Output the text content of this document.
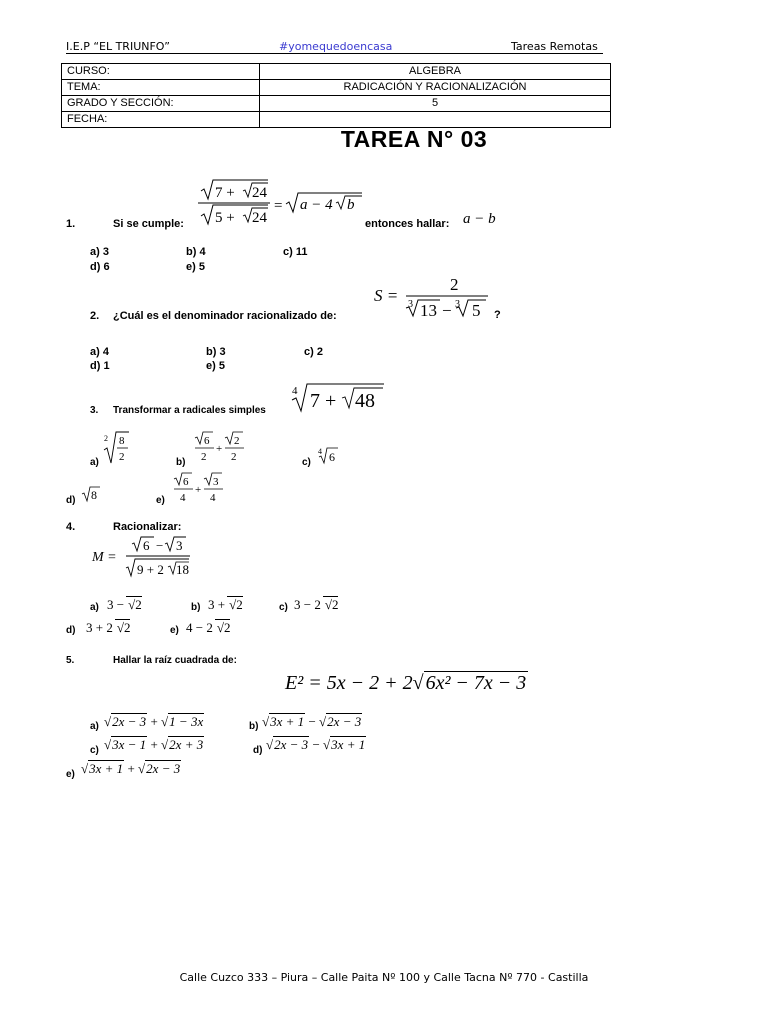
I.E.P “EL TRIUNFO”	#yomequedoencasa	Tareas Remotas
CURSO:	ALGEBRA
TEMA:	RADICACIÓN Y RACIONALIZACIÓN
GRADO Y SECCIÓN:	5
FECHA:	
TAREA N° 03
1.	Si se cumple:
7 + 24
5 + 24
= a − 4 b
entonces hallar: a − b
a) 3	b) 4	c) 11
d) 6	e) 5
S =
2
3 13 − 3 5
2. ¿Cuál es el denominador racionalizado de:	?
a) 4	b) 3	c) 2
d) 1	e) 5
3. Transformar a radicales simples
4 7 + 48
a)
2 8
2	b)
6
2
+
2
2	c)
4 6
d) 8	e)
6
4
+
3
4
4.	Racionalizar:
M =
6 − 3
9 + 2 18
a) 3 − √2	b) 3 + √2	c) 3 − 2 √2
d) 3 + 2 √2	e) 4 − 2 √2
5.	Hallar la raíz cuadrada de:
E² = 5x − 2 + 2√ 6x² − 7x − 3
a) √2x − 3 + √1 − 3x	b) √3x + 1 − √2x − 3
c) √3x − 1 + √2x + 3	d) √2x − 3 − √3x + 1
e) √3x + 1 + √2x − 3
Calle Cuzco 333 – Piura – Calle Paita Nº 100 y Calle Tacna Nº 770 - Castilla
